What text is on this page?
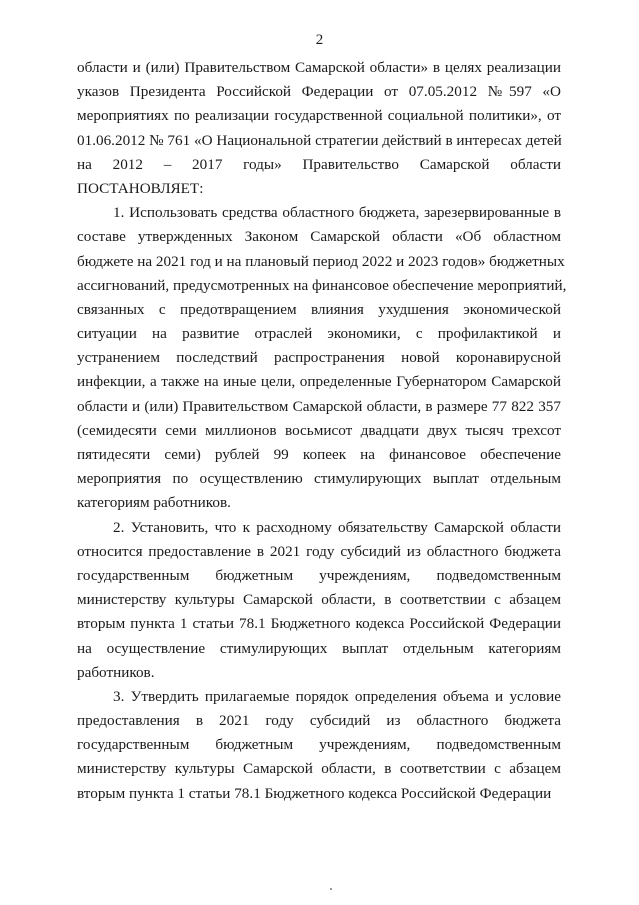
2
области и (или) Правительством Самарской области» в целях реализации
указов Президента Российской Федерации от 07.05.2012 №597 «О
мероприятиях по реализации государственной социальной политики», от
01.06.2012 № 761 «О Национальной стратегии действий в интересах детей
на 2012 – 2017 годы» Правительство Самарской области
ПОСТАНОВЛЯЕТ:
1. Использовать средства областного бюджета, зарезервированные в
составе утвержденных Законом Самарской области «Об областном
бюджете на 2021 год и на плановый период 2022 и 2023 годов» бюджетных
ассигнований, предусмотренных на финансовое обеспечение мероприятий,
связанных с предотвращением влияния ухудшения экономической
ситуации на развитие отраслей экономики, с профилактикой и
устранением последствий распространения новой коронавирусной
инфекции, а также на иные цели, определенные Губернатором Самарской
области и (или) Правительством Самарской области, в размере 77 822 357
(семидесяти семи миллионов восьмисот двадцати двух тысяч трехсот
пятидесяти семи) рублей 99 копеек на финансовое обеспечение
мероприятия по осуществлению стимулирующих выплат отдельным
категориям работников.
2. Установить, что к расходному обязательству Самарской области
относится предоставление в 2021 году субсидий из областного бюджета
государственным бюджетным учреждениям, подведомственным
министерству культуры Самарской области, в соответствии с абзацем
вторым пункта 1 статьи 78.1 Бюджетного кодекса Российской Федерации
на осуществление стимулирующих выплат отдельным категориям
работников.
3. Утвердить прилагаемые порядок определения объема и условие
предоставления в 2021 году субсидий из областного бюджета
государственным бюджетным учреждениям, подведомственным
министерству культуры Самарской области, в соответствии с абзацем
вторым пункта 1 статьи 78.1 Бюджетного кодекса Российской Федерации
